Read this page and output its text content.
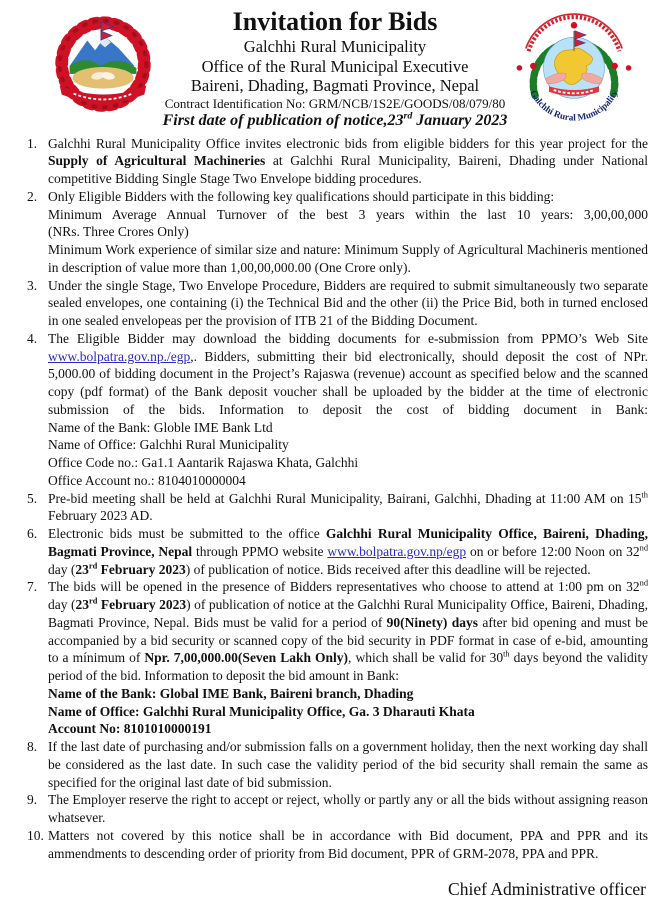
Invitation for Bids
Galchhi Rural Municipality
Office of the Rural Municipal Executive
Baireni, Dhading, Bagmati Province, Nepal
Contract Identification No: GRM/NCB/1S2E/GOODS/08/079/80
First date of publication of notice,23rd January 2023
Galchhi Rural Municipality
1. Galchhi Rural Municipality Office invites electronic bids from eligible bidders for this year project for the Supply of Agricultural Machineries at Galchhi Rural Municipality, Baireni, Dhading under National competitive Bidding Single Stage Two Envelope bidding procedures.
2. Only Eligible Bidders with the following key qualifications should participate in this bidding:
Minimum Average Annual Turnover of the best 3 years within the last 10 years: 3,00,00,000
(NRs. Three Crores Only)
Minimum Work experience of similar size and nature: Minimum Supply of Agricultural Machineris mentioned in description of value more than 1,00,00,000.00 (One Crore only).
3. Under the single Stage, Two Envelope Procedure, Bidders are required to submit simultaneously two separate sealed envelopes, one containing (i) the Technical Bid and the other (ii) the Price Bid, both in turned enclosed in one sealed envelopeas per the provision of ITB 21 of the Bidding Document.
4. The Eligible Bidder may download the bidding documents for e-submission from PPMO’s Web Site www.bolpatra.gov.np./egp,. Bidders, submitting their bid electronically, should deposit the cost of NPr. 5,000.00 of bidding document in the Project’s Rajaswa (revenue) account as specified below and the scanned copy (pdf format) of the Bank deposit voucher shall be uploaded by the bidder at the time of electronic submission of the bids. Information to deposit the cost of bidding document in Bank:
Name of the Bank: Globle IME Bank Ltd
Name of Office: Galchhi Rural Municipality
Office Code no.: Ga1.1 Aantarik Rajaswa Khata, Galchhi
Office Account no.: 8104010000004
5. Pre-bid meeting shall be held at Galchhi Rural Municipality, Bairani, Galchhi, Dhading at 11:00 AM on 15th February 2023 AD.
6. Electronic bids must be submitted to the office Galchhi Rural Municipality Office, Baireni, Dhading, Bagmati Province, Nepal through PPMO website www.bolpatra.gov.np/egp on or before 12:00 Noon on 32nd day (23rd February 2023) of publication of notice. Bids received after this deadline will be rejected.
7. The bids will be opened in the presence of Bidders representatives who choose to attend at 1:00 pm on 32nd day (23rd February 2023) of publication of notice at the Galchhi Rural Municipality Office, Baireni, Dhading, Bagmati Province, Nepal. Bids must be valid for a period of 90(Ninety) days after bid opening and must be accompanied by a bid security or scanned copy of the bid security in PDF format in case of e-bid, amounting to a mínimum of Npr. 7,00,000.00(Seven Lakh Only), which shall be valid for 30th days beyond the validity period of the bid. Information to deposit the bid amount in Bank:
Name of the Bank: Global IME Bank, Baireni branch, Dhading
Name of Office: Galchhi Rural Municipality Office, Ga. 3 Dharauti Khata
Account No: 8101010000191
8. If the last date of purchasing and/or submission falls on a government holiday, then the next working day shall be considered as the last date. In such case the validity period of the bid security shall remain the same as specified for the original last date of bid submission.
9. The Employer reserve the right to accept or reject, wholly or partly any or all the bids without assigning reason whatsever.
10. Matters not covered by this notice shall be in accordance with Bid document, PPA and PPR and its ammendments to descending order of priority from Bid document, PPR of GRM-2078, PPA and PPR.
Chief Administrative officer
